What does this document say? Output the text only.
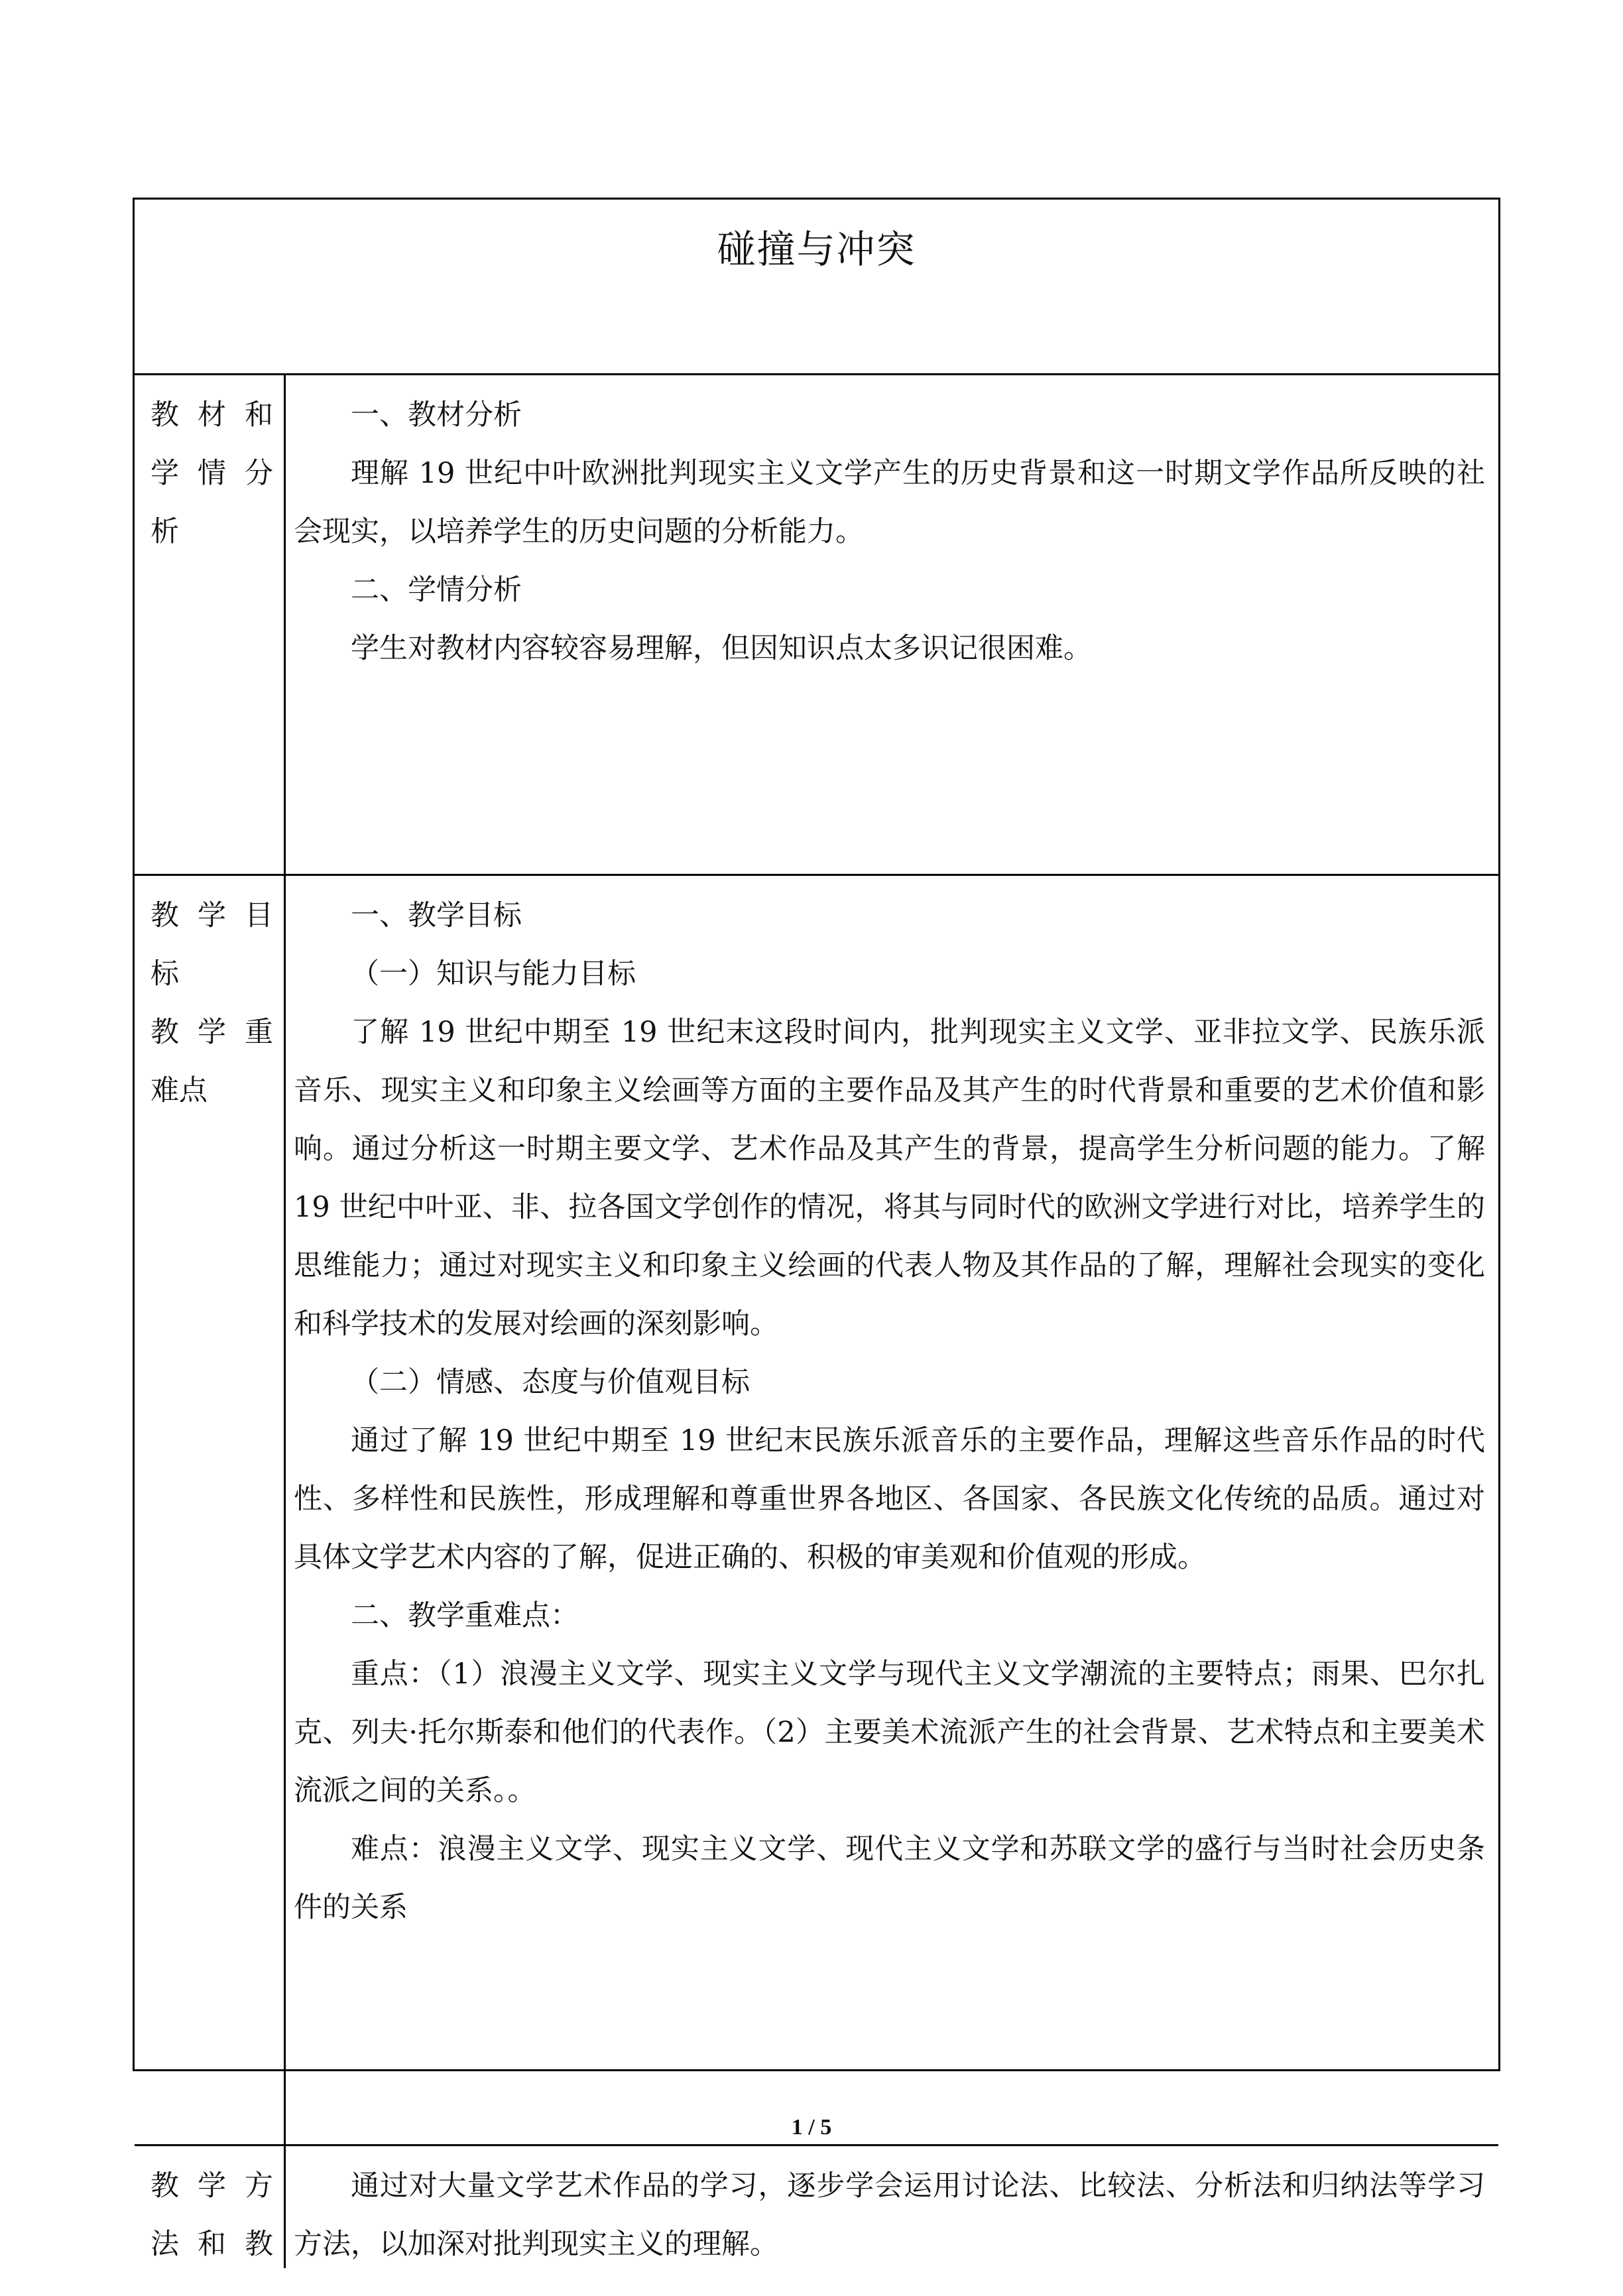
碰撞与冲突
教材和
学情分
析

一、教材分析

理解 19 世纪中叶欧洲批判现实主义文学产生的历史背景和这一时期文学作品所反映的社会现实，以培养学生的历史问题的分析能力。

二、学情分析

学生对教材内容较容易理解，但因知识点太多识记很困难。

教学目
标
教学重
难点

一、教学目标

（一）知识与能力目标

了解 19 世纪中期至 19 世纪末这段时间内，批判现实主义文学、亚非拉文学、民族乐派音乐、现实主义和印象主义绘画等方面的主要作品及其产生的时代背景和重要的艺术价值和影响。通过分析这一时期主要文学、艺术作品及其产生的背景，提高学生分析问题的能力。了解 19 世纪中叶亚、非、拉各国文学创作的情况，将其与同时代的欧洲文学进行对比，培养学生的思维能力；通过对现实主义和印象主义绘画的代表人物及其作品的了解，理解社会现实的变化和科学技术的发展对绘画的深刻影响。

（二）情感、态度与价值观目标

通过了解 19 世纪中期至 19 世纪末民族乐派音乐的主要作品，理解这些音乐作品的时代性、多样性和民族性，形成理解和尊重世界各地区、各国家、各民族文化传统的品质。通过对具体文学艺术内容的了解，促进正确的、积极的审美观和价值观的形成。

二、教学重难点：

重点：（1）浪漫主义文学、现实主义文学与现代主义文学潮流的主要特点；雨果、巴尔扎克、列夫·托尔斯泰和他们的代表作。（2）主要美术流派产生的社会背景、艺术特点和主要美术流派之间的关系。。

难点：浪漫主义文学、现实主义文学、现代主义文学和苏联文学的盛行与当时社会历史条件的关系

教学方
法和教

通过对大量文学艺术作品的学习，逐步学会运用讨论法、比较法、分析法和归纳法等学习方法，以加深对批判现实主义的理解。

1 / 5
